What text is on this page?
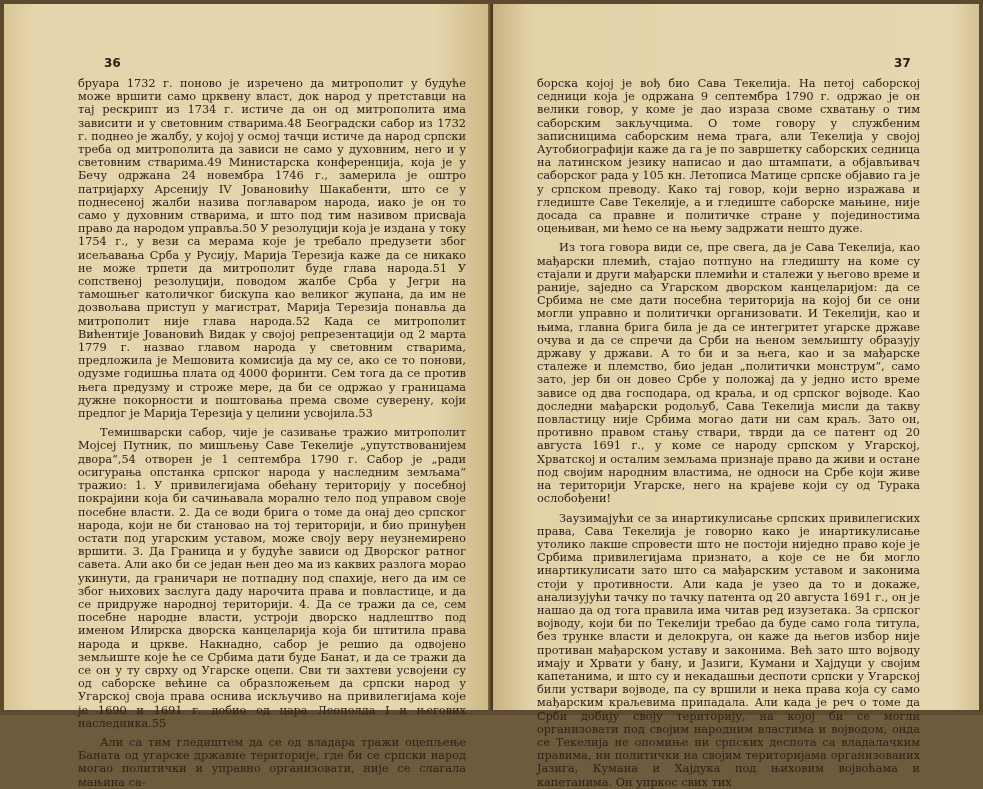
36

бруара 1732 г. поново је изречено да митрополит у будуће може вршити само црквену власт, док народ у претставци на тај рескрипт из 1734 г. истиче да он од митрополита има зависити и у световним стварима.48 Београдски сабор из 1732 г. поднео је жалбу, у којој у осмој тачци истиче да народ српски треба од митрополита да зависи не само у духовним, него и у световним стварима.49 Министарска конференција, која је у Бечу одржана 24 новембра 1746 г., замерила је оштро патријарху Арсенију IV Јовановићу Шакабенти, што се у поднесеној жалби назива поглаваром народа, иако је он то само у духовним стварима, и што под тим називом присваја право да народом управља.50 У резолуцији која је издана у току 1754 г., у вези са мерама које је требало предузети због исељавања Срба у Русију, Марија Терезија каже да се никако не може трпети да митрополит буде глава народа.51 У сопственој резолуцији, поводом жалбе Срба у Јегри на тамошњег католичког бискупа као великог жупана, да им не дозвољава приступ у магистрат, Марија Терезија понавља да митрополит није глава народа.52 Када се митрополит Вићентије Јовановић Видак у својој репрезентацији од 2 марта 1779 г. назвао главом народа у световним стварима, предложила је Мешовита комисија да му се, ако се то понови, одузме годишња плата од 4000 форинти. Сем тога да се против њега предузму и строже мере, да би се одржао у границама дужне покорности и поштовања према своме суверену, који предлог је Марија Терезија у целини усвојила.53

Темишварски сабор, чије је сазивање тражио митрополит Мојсеј Путник, по мишљењу Саве Текелије „упутствованијем двора“,54 отворен је 1 септембра 1790 г. Сабор је „ради осигурања опстанка српског народа у наследним земљама“ тражио: 1. У привилегијама обећану територију у посебној покрајини која би сачињавала морално тело под управом своје посебне власти. 2. Да се води брига о томе да онај део српског народа, који не би становао на тој територији, и био принуђен остати под угарским уставом, може своју веру неузнемирено вршити. 3. Да Граница и у будуће зависи од Дворског ратног савета. Али ако би се један њен део ма из каквих разлога морао укинути, да граничари не потпадну под спахије, него да им се због њихових заслуга даду нарочита права и повластице, и да се придруже народној територији. 4. Да се тражи да се, сем посебне народне власти, устроји дворско надлештво под именом Илирска дворска канцеларија која би штитила права народа и цркве. Накнадно, сабор је решио да одвојено земљиште које ће се Србима дати буде Банат, и да се тражи да се он у ту сврху од Угарске оцепи. Сви ти захтеви усвојени су од саборске већине са образложењем да српски народ у Угарској своја права оснива искључиво на привилегијама које је 1690 и 1691 г. добио од цара Леополда I и његових наследника.55

Али са тим гледиштем да се од владара тражи оцепљење Баната од угарске државне територије, где би се српски народ могао политички и управно организовати, није се слагала мањина са-

37

борска којој је вођ био Сава Текелија. На петој саборској седници која је одржана 9 септембра 1790 г. одржао је он велики говор, у коме је дао израза своме схватању о тим саборским закључцима. О томе говору у службеним записницима саборским нема трага, али Текелија у својој Аутобиографији каже да га је по завршетку саборских седница на латинском језику написао и дао штампати, а објављивач саборског рада у 105 кн. Летописа Матице српске објавио га је у српском преводу. Како тај говор, који верно изражава и гледиште Саве Текелије, а и гледиште саборске мањине, није досада са правне и политичке стране у појединостима оцењиван, ми ћемо се на њему задржати нешто дуже.

Из тога говора види се, пре свега, да је Сава Текелија, као мађарски племић, стајао потпуно на гледишту на коме су стајали и други мађарски племићи и сталежи у његово време и раније, заједно са Угарском дворском канцеларијом: да се Србима не сме дати посебна територија на којој би се они могли управно и политички организовати. И Текелији, као и њима, главна брига била је да се интегритет угарске државе очува и да се спречи да Срби на њеном земљишту образују државу у држави. А то би и за њега, као и за мађарске сталеже и племство, био један „политички монструм“, само зато, јер би он довео Србе у положај да у једно исто време зависе од два господара, од краља, и од српског војводе. Као доследни мађарски родољуб, Сава Текелија мисли да такву повластицу није Србима могао дати ни сам краљ. Зато он, противно правом стању ствари, тврди да се патент од 20 августа 1691 г., у коме се народу српском у Угарској, Хрватској и осталим земљама признаје право да живи и остане под својим народним властима, не односи на Србе који живе на територији Угарске, него на крајеве који су од Турака ослобођени!

Заузимајући се за инартикулисање српских привилегиских права, Сава Текелија је говорио како је инартикулисање утолико лакше спровести што не постоји ниједно право које је Србима привилегијама признато, а које се не би могло инартикулисати зато што са мађарским уставом и законима стоји у противности. Али када је узео да то и докаже, анализујући тачку по тачку патента од 20 августа 1691 г., он је нашао да од тога правила има читав ред изузетака. За српског војводу, који би по Текелији требао да буде само гола титула, без трунке власти и делокруга, он каже да његов избор није противан мађарском уставу и законима. Већ зато што војводу имају и Хрвати у бану, и Јазиги, Кумани и Хајдуци у својим капетанима, и што су и некадашњи деспоти српски у Угарској били уствари војводе, па су вршили и нека права која су само мађарским краљевима припадала. Али када је реч о томе да Срби добију своју територију, на којој би се могли организовати под својим народним властима и војводом, онда се Текелија не опомиње ни српских деспота са владалачким правима, ни политички на својим територијама организованих Јазига, Кумана и Хајдука под њиховим војвоћама и капетанима. Он упркос свих тих
